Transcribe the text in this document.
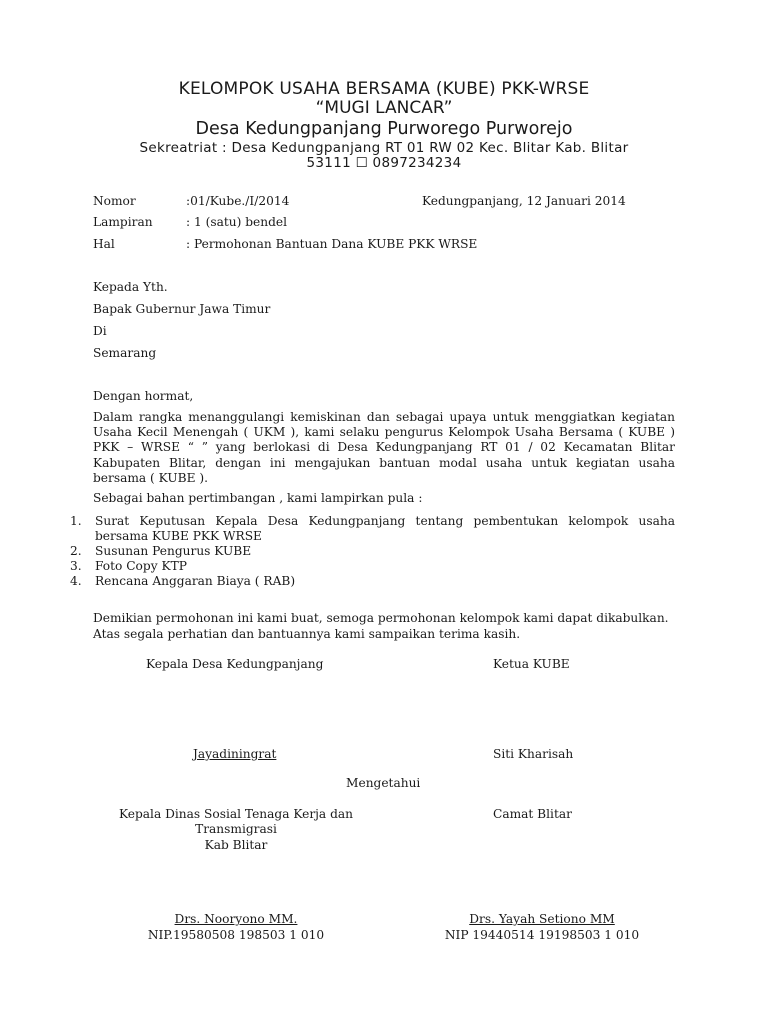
KELOMPOK USAHA BERSAMA (KUBE) PKK-WRSE
“MUGI LANCAR”
Desa Kedungpanjang Purworego Purworejo
Sekreatriat : Desa Kedungpanjang RT 01 RW 02 Kec. Blitar Kab. Blitar
53111 ☐ 0897234234
Nomor	:01/Kube./I/2014	Kedungpanjang, 12 Januari 2014
Lampiran	: 1 (satu) bendel
Hal	: Permohonan Bantuan Dana KUBE PKK WRSE
Kepada Yth.
Bapak Gubernur Jawa Timur
Di
Semarang
Dengan hormat,
Dalam rangka menanggulangi kemiskinan dan sebagai upaya untuk menggiatkan kegiatan
Usaha Kecil Menengah ( UKM ), kami selaku pengurus Kelompok Usaha Bersama ( KUBE )
PKK – WRSE “ ” yang berlokasi di Desa Kedungpanjang RT 01 / 02 Kecamatan Blitar
Kabupaten Blitar, dengan ini mengajukan bantuan modal usaha untuk kegiatan usaha
bersama ( KUBE ).
Sebagai bahan pertimbangan , kami lampirkan pula :
1. Surat Keputusan Kepala Desa Kedungpanjang tentang pembentukan kelompok usaha
bersama KUBE PKK WRSE
2. Susunan Pengurus KUBE
3. Foto Copy KTP
4. Rencana Anggaran Biaya ( RAB)
Demikian permohonan ini kami buat, semoga permohonan kelompok kami dapat dikabulkan.
Atas segala perhatian dan bantuannya kami sampaikan terima kasih.
Kepala Desa Kedungpanjang	Ketua KUBE
Jayadiningrat	Siti Kharisah
Mengetahui
Kepala Dinas Sosial Tenaga Kerja dan
Transmigrasi
Kab Blitar
Camat Blitar
Drs. Nooryono MM.
NIP.19580508 198503 1 010
Drs. Yayah Setiono MM
NIP 19440514 19198503 1 010
